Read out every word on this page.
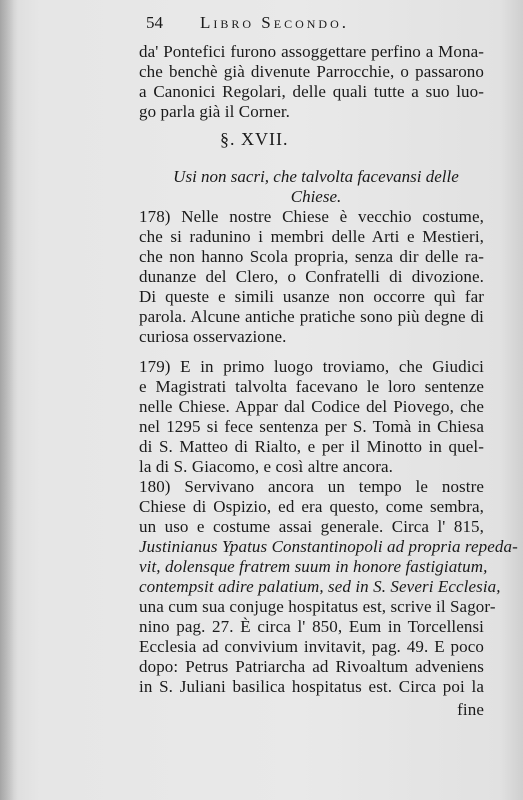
54 Libro Secondo.
da' Pontefici furono assoggettare perfino a Mona-
che benchè già divenute Parrocchie, o passarono
a Canonici Regolari, delle quali tutte a suo luo-
go parla già il Corner.
§. XVII.
Usi non sacri, che talvolta facevansi delle Chiese.
178) Nelle nostre Chiese è vecchio costume,
che si radunino i membri delle Arti e Mestieri,
che non hanno Scola propria, senza dir delle ra-
dunanze del Clero, o Confratelli di divozione.
Di queste e simili usanze non occorre quì far
parola. Alcune antiche pratiche sono più degne di
curiosa osservazione.
179) E in primo luogo troviamo, che Giudici
e Magistrati talvolta facevano le loro sentenze
nelle Chiese. Appar dal Codice del Piovego, che
nel 1295 si fece sentenza per S. Tomà in Chiesa
di S. Matteo di Rialto, e per il Minotto in quel-
la di S. Giacomo, e così altre ancora.
180) Servivano ancora un tempo le nostre
Chiese di Ospizio, ed era questo, come sembra,
un uso e costume assai generale. Circa l' 815,
Justinianus Ypatus Constantinopoli ad propria repeda-
vit, dolensque fratrem suum in honore fastigiatum,
contempsit adire palatium, sed in S. Severi Ecclesia,
una cum sua conjuge hospitatus est, scrive il Sagor-
nino pag. 27. È circa l' 850, Eum in Torcellensi
Ecclesia ad convivium invitavit, pag. 49. E poco
dopo: Petrus Patriarcha ad Rivoaltum adveniens
in S. Juliani basilica hospitatus est. Circa poi la
fine
